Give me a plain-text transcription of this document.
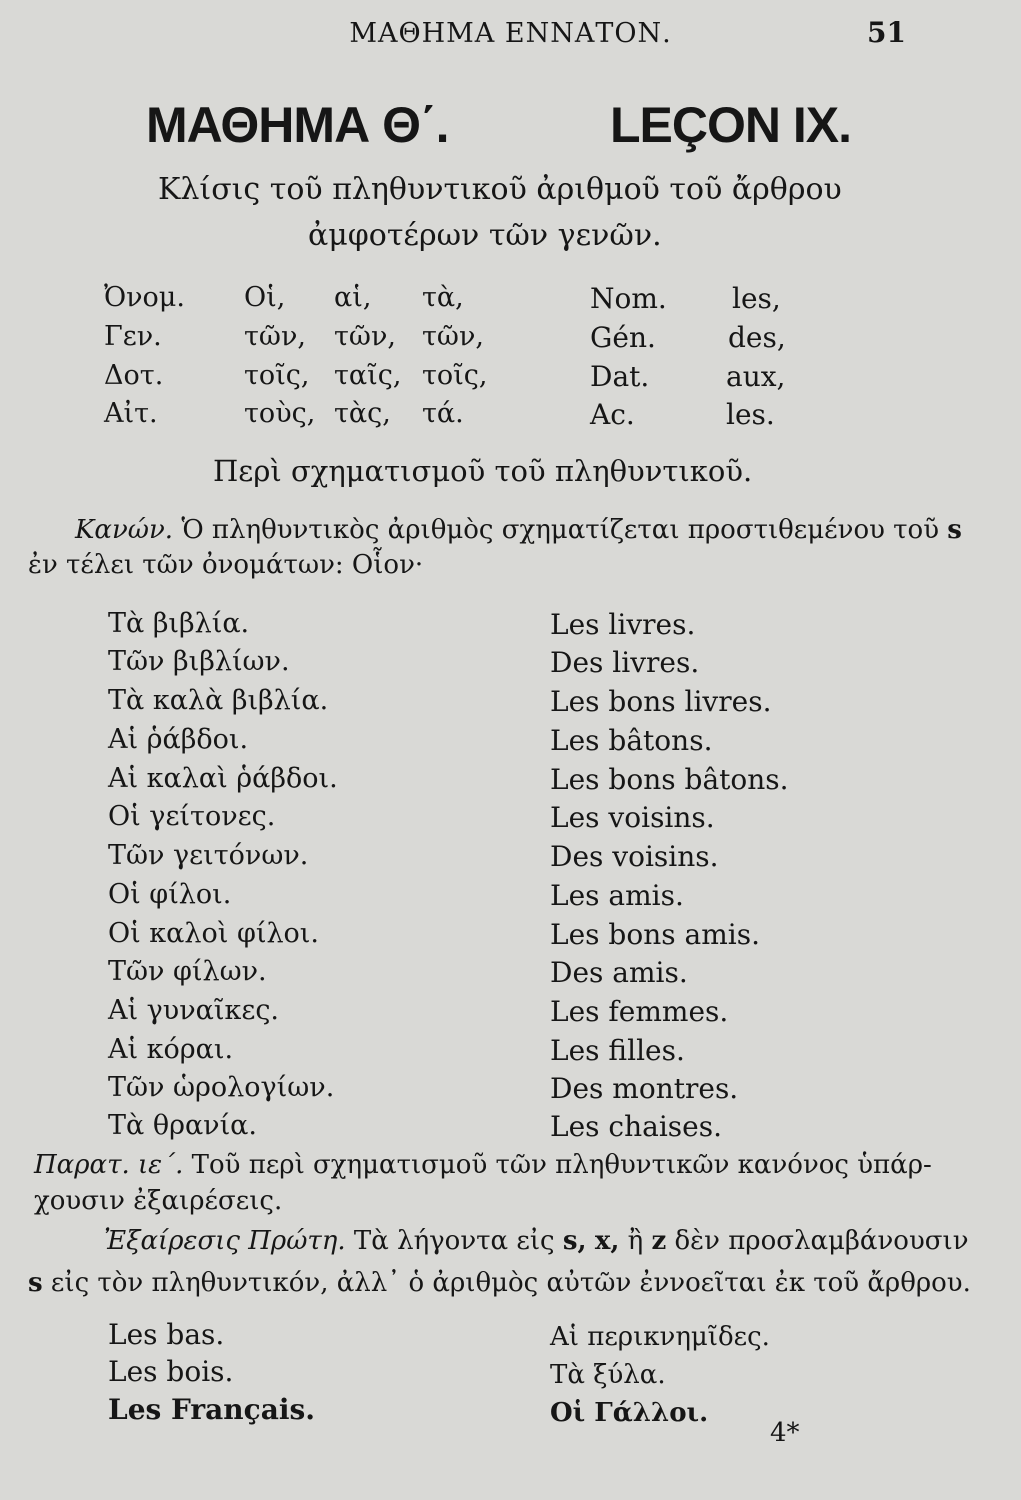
ΜΑΘΗΜΑ ΕΝΝΑΤΟΝ.	51
ΜΑΘΗΜΑ Θ΄.	LEÇON IX.
Κλίσις τοῦ πληθυντικοῦ ἀριθμοῦ τοῦ ἄρθρου
ἀμφοτέρων τῶν γενῶν.
Ὀνομ. Οἱ, αἱ, τὰ,	Nom. les,
Γεν.	τῶν, τῶν, τῶν,	Gén.	des,
Δοτ.	τοῖς, ταῖς, τοῖς,	Dat.	aux,
Αἰτ.	τοὺς, τὰς, τά.	Ac.	les.
Περὶ σχηματισμοῦ τοῦ πληθυντικοῦ.
Κανών. Ὁ πληθυντικὸς ἀριθμὸς σχηματίζεται προστιθεμένου τοῦ s
ἐν τέλει τῶν ὀνομάτων: Οἷον·
Τὰ βιβλία.	Les livres.
Τῶν βιβλίων.	Des livres.
Τὰ καλὰ βιβλία.	Les bons livres.
Αἱ ῥάβδοι.	Les bâtons.
Αἱ καλαὶ ῥάβδοι.	Les bons bâtons.
Οἱ γείτονες.	Les voisins.
Τῶν γειτόνων.	Des voisins.
Οἱ φίλοι.	Les amis.
Οἱ καλοὶ φίλοι.	Les bons amis.
Τῶν φίλων.	Des amis.
Αἱ γυναῖκες.	Les femmes.
Αἱ κόραι.	Les filles.
Τῶν ὡρολογίων.	Des montres.
Τὰ θρανία.	Les chaises.
Παρατ. ιε΄. Τοῦ περὶ σχηματισμοῦ τῶν πληθυντικῶν κανόνος ὑπάρ-
χουσιν ἐξαιρέσεις.
Ἐξαίρεσις Πρώτη. Τὰ λήγοντα εἰς s, x, ἢ z δὲν προσλαμβάνουσιν
s εἰς τὸν πληθυντικόν, ἀλλ᾽ ὁ ἀριθμὸς αὐτῶν ἐννοεῖται ἐκ τοῦ ἄρθρου.
Les bas.	Αἱ περικνημῖδες.
Les bois.	Τὰ ξύλα.
Les Français.	Οἱ Γάλλοι.
4*
